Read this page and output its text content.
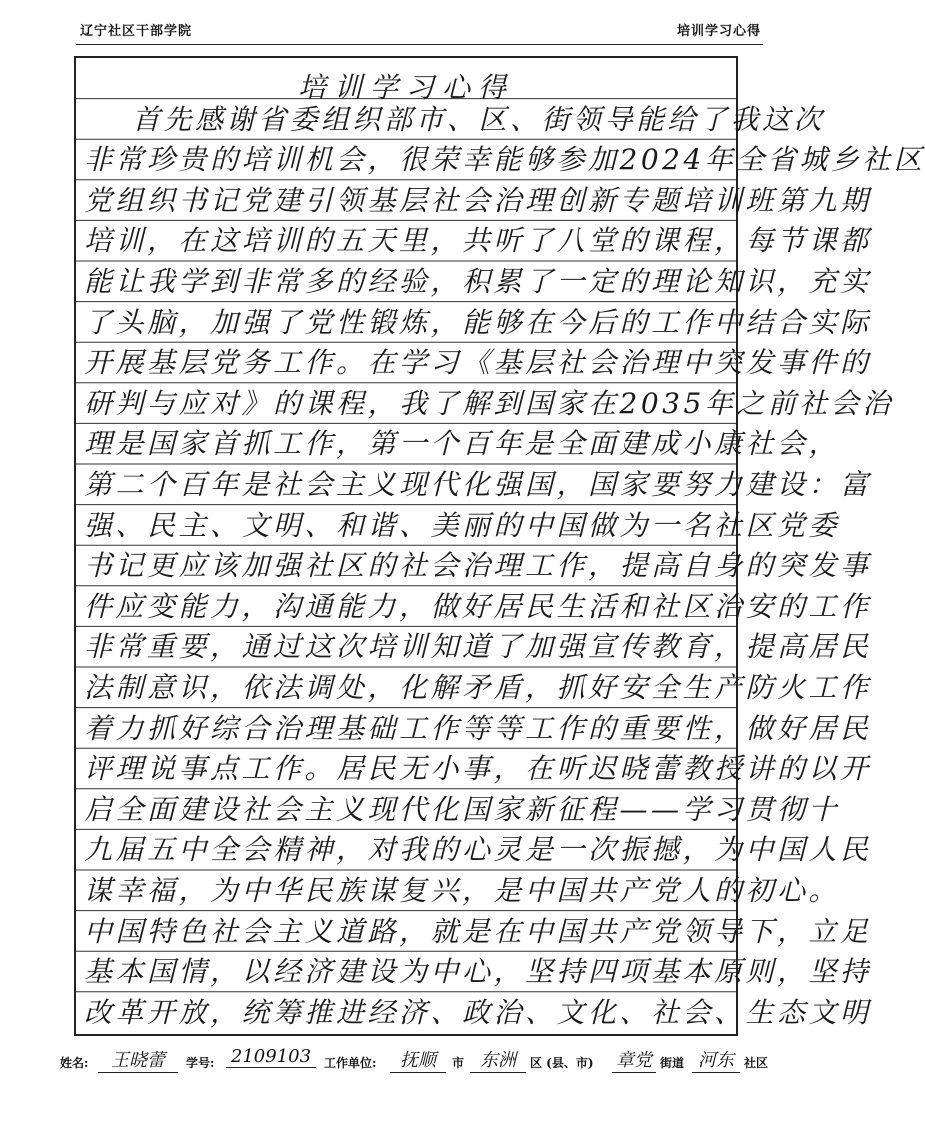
辽宁社区干部学院	培训学习心得
培训学习心得
首先感谢省委组织部市、区、街领导能给了我这次
非常珍贵的培训机会，很荣幸能够参加2024年全省城乡社区
党组织书记党建引领基层社会治理创新专题培训班第九期
培训，在这培训的五天里，共听了八堂的课程，每节课都
能让我学到非常多的经验，积累了一定的理论知识，充实
了头脑，加强了党性锻炼，能够在今后的工作中结合实际
开展基层党务工作。在学习《基层社会治理中突发事件的
研判与应对》的课程，我了解到国家在2035年之前社会治
理是国家首抓工作，第一个百年是全面建成小康社会，
第二个百年是社会主义现代化强国，国家要努力建设：富
强、民主、文明、和谐、美丽的中国做为一名社区党委
书记更应该加强社区的社会治理工作，提高自身的突发事
件应变能力，沟通能力，做好居民生活和社区治安的工作
非常重要，通过这次培训知道了加强宣传教育，提高居民
法制意识，依法调处，化解矛盾，抓好安全生产防火工作
着力抓好综合治理基础工作等等工作的重要性，做好居民
评理说事点工作。居民无小事，在听迟晓蕾教授讲的以开
启全面建设社会主义现代化国家新征程——学习贯彻十
九届五中全会精神，对我的心灵是一次振撼，为中国人民
谋幸福，为中华民族谋复兴，是中国共产党人的初心。
中国特色社会主义道路，就是在中国共产党领导下，立足
基本国情，以经济建设为中心，坚持四项基本原则，坚持
改革开放，统筹推进经济、政治、文化、社会、生态文明
姓名:	王晓蕾	学号: 2109103	工作单位:	抚顺	市 东洲	区 (县、市) 章党 街道 河东 社区
